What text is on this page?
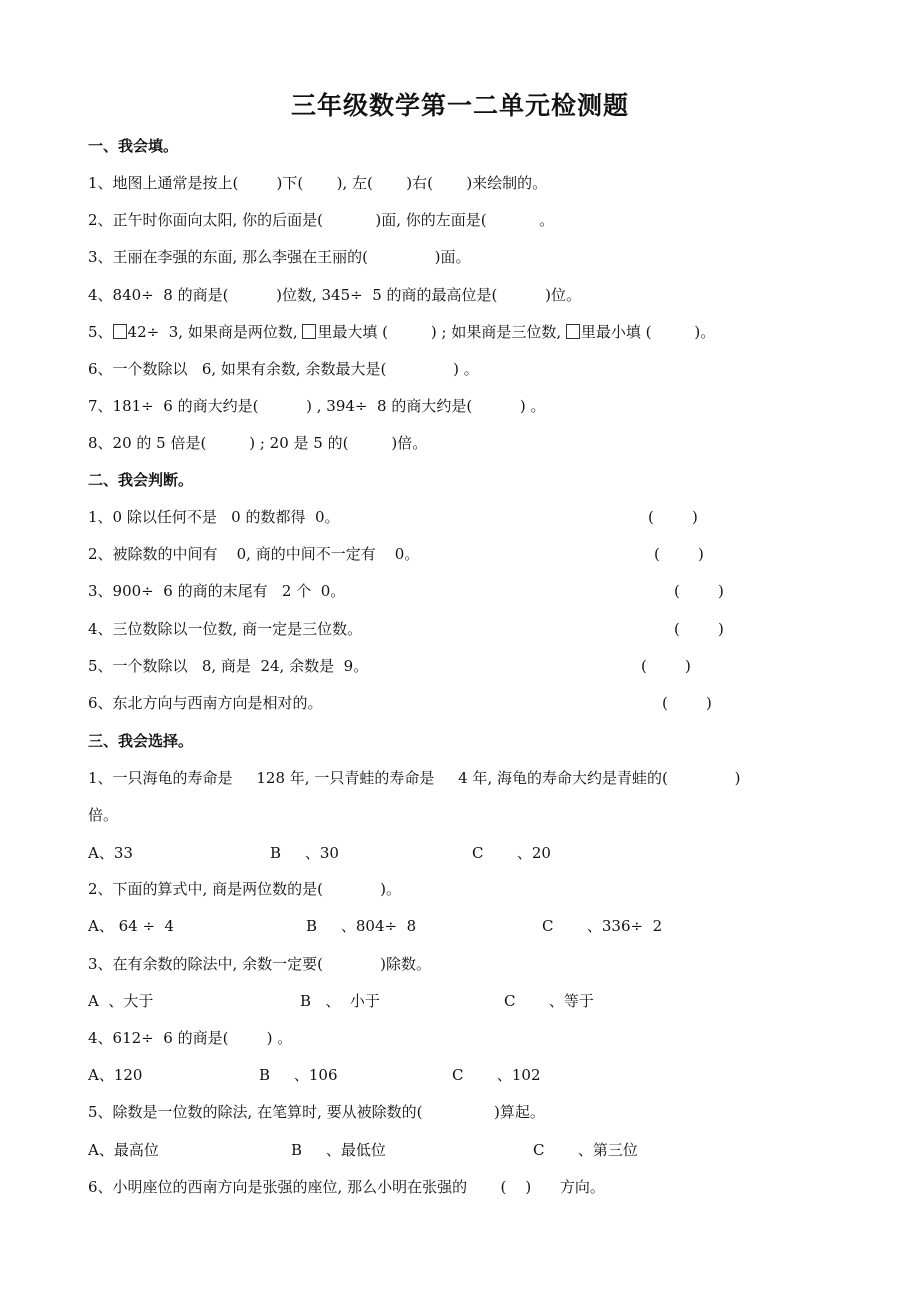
三年级数学第一二单元检测题
一、我会填。
1、地图上通常是按上(        )下(       ), 左(       )右(       )来绘制的。
2、正午时你面向太阳, 你的后面是(           )面, 你的左面是(           。
3、王丽在李强的东面, 那么李强在王丽的(              )面。
4、840÷  8 的商是(          )位数, 345÷  5 的商的最高位是(          )位。
5、 42÷  3, 如果商是两位数, 里最大填 (         ) ; 如果商是三位数, 里最小填 (         )。
6、一个数除以   6, 如果有余数, 余数最大是(              ) 。
7、181÷  6 的商大约是(          ) , 394÷  8 的商大约是(          ) 。
8、20 的 5 倍是(         ) ; 20 是 5 的(         )倍。
二、我会判断。
1、0 除以任何不是   0 的数都得  0。	(        )
2、被除数的中间有    0, 商的中间不一定有    0。	(        )
3、900÷  6 的商的末尾有   2 个  0。	(        )
4、三位数除以一位数, 商一定是三位数。	(        )
5、一个数除以   8, 商是  24, 余数是  9。	(        )
6、东北方向与西南方向是相对的。	(        )
三、我会选择。
1、一只海龟的寿命是     128 年, 一只青蛙的寿命是     4 年, 海龟的寿命大约是青蛙的(              )
倍。
A、33	B     、30	C       、20
2、下面的算式中, 商是两位数的是(            )。
A、 64 ÷  4	B     、804÷  8	C       、336÷  2
3、在有余数的除法中, 余数一定要(            )除数。
A  、大于	B   、  小于	C       、等于
4、612÷  6 的商是(        ) 。
A、120	B     、106	C       、102
5、除数是一位数的除法, 在笔算时, 要从被除数的(               )算起。
A、最高位	B     、最低位	C       、第三位
6、小明座位的西南方向是张强的座位, 那么小明在张强的       (    )      方向。
